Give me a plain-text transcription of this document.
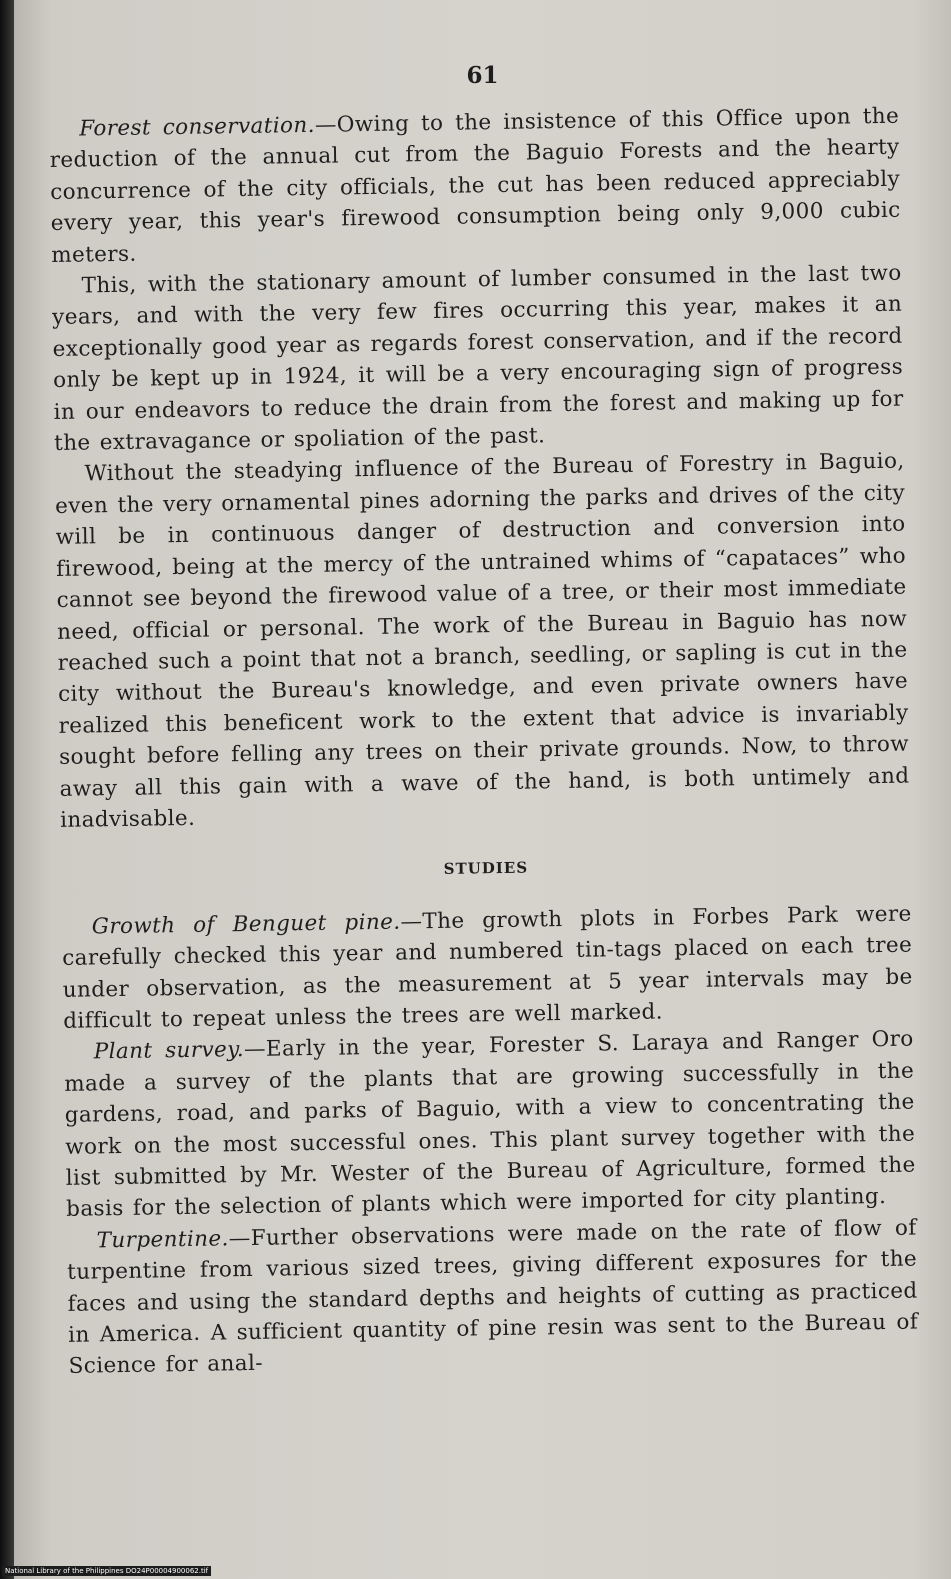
61

Forest conservation.—Owing to the insistence of this Office upon the reduction of the annual cut from the Baguio Forests and the hearty concurrence of the city officials, the cut has been reduced appreciably every year, this year's firewood consumption being only 9,000 cubic meters.

This, with the stationary amount of lumber consumed in the last two years, and with the very few fires occurring this year, makes it an exceptionally good year as regards forest conservation, and if the record only be kept up in 1924, it will be a very encouraging sign of progress in our endeavors to reduce the drain from the forest and making up for the extravagance or spoliation of the past.

Without the steadying influence of the Bureau of Forestry in Baguio, even the very ornamental pines adorning the parks and drives of the city will be in continuous danger of destruction and conversion into firewood, being at the mercy of the untrained whims of “capataces” who cannot see beyond the firewood value of a tree, or their most immediate need, official or personal. The work of the Bureau in Baguio has now reached such a point that not a branch, seedling, or sapling is cut in the city without the Bureau's knowledge, and even private owners have realized this beneficent work to the extent that advice is invariably sought before felling any trees on their private grounds. Now, to throw away all this gain with a wave of the hand, is both untimely and inadvisable.

STUDIES

Growth of Benguet pine.—The growth plots in Forbes Park were carefully checked this year and numbered tin-tags placed on each tree under observation, as the measurement at 5 year intervals may be difficult to repeat unless the trees are well marked.

Plant survey.—Early in the year, Forester S. Laraya and Ranger Oro made a survey of the plants that are growing successfully in the gardens, road, and parks of Baguio, with a view to concentrating the work on the most successful ones. This plant survey together with the list submitted by Mr. Wester of the Bureau of Agriculture, formed the basis for the selection of plants which were imported for city planting.

Turpentine.—Further observations were made on the rate of flow of turpentine from various sized trees, giving different exposures for the faces and using the standard depths and heights of cutting as practiced in America. A sufficient quantity of pine resin was sent to the Bureau of Science for anal-

National Library of the Philippines DO24P00004900062.tif
